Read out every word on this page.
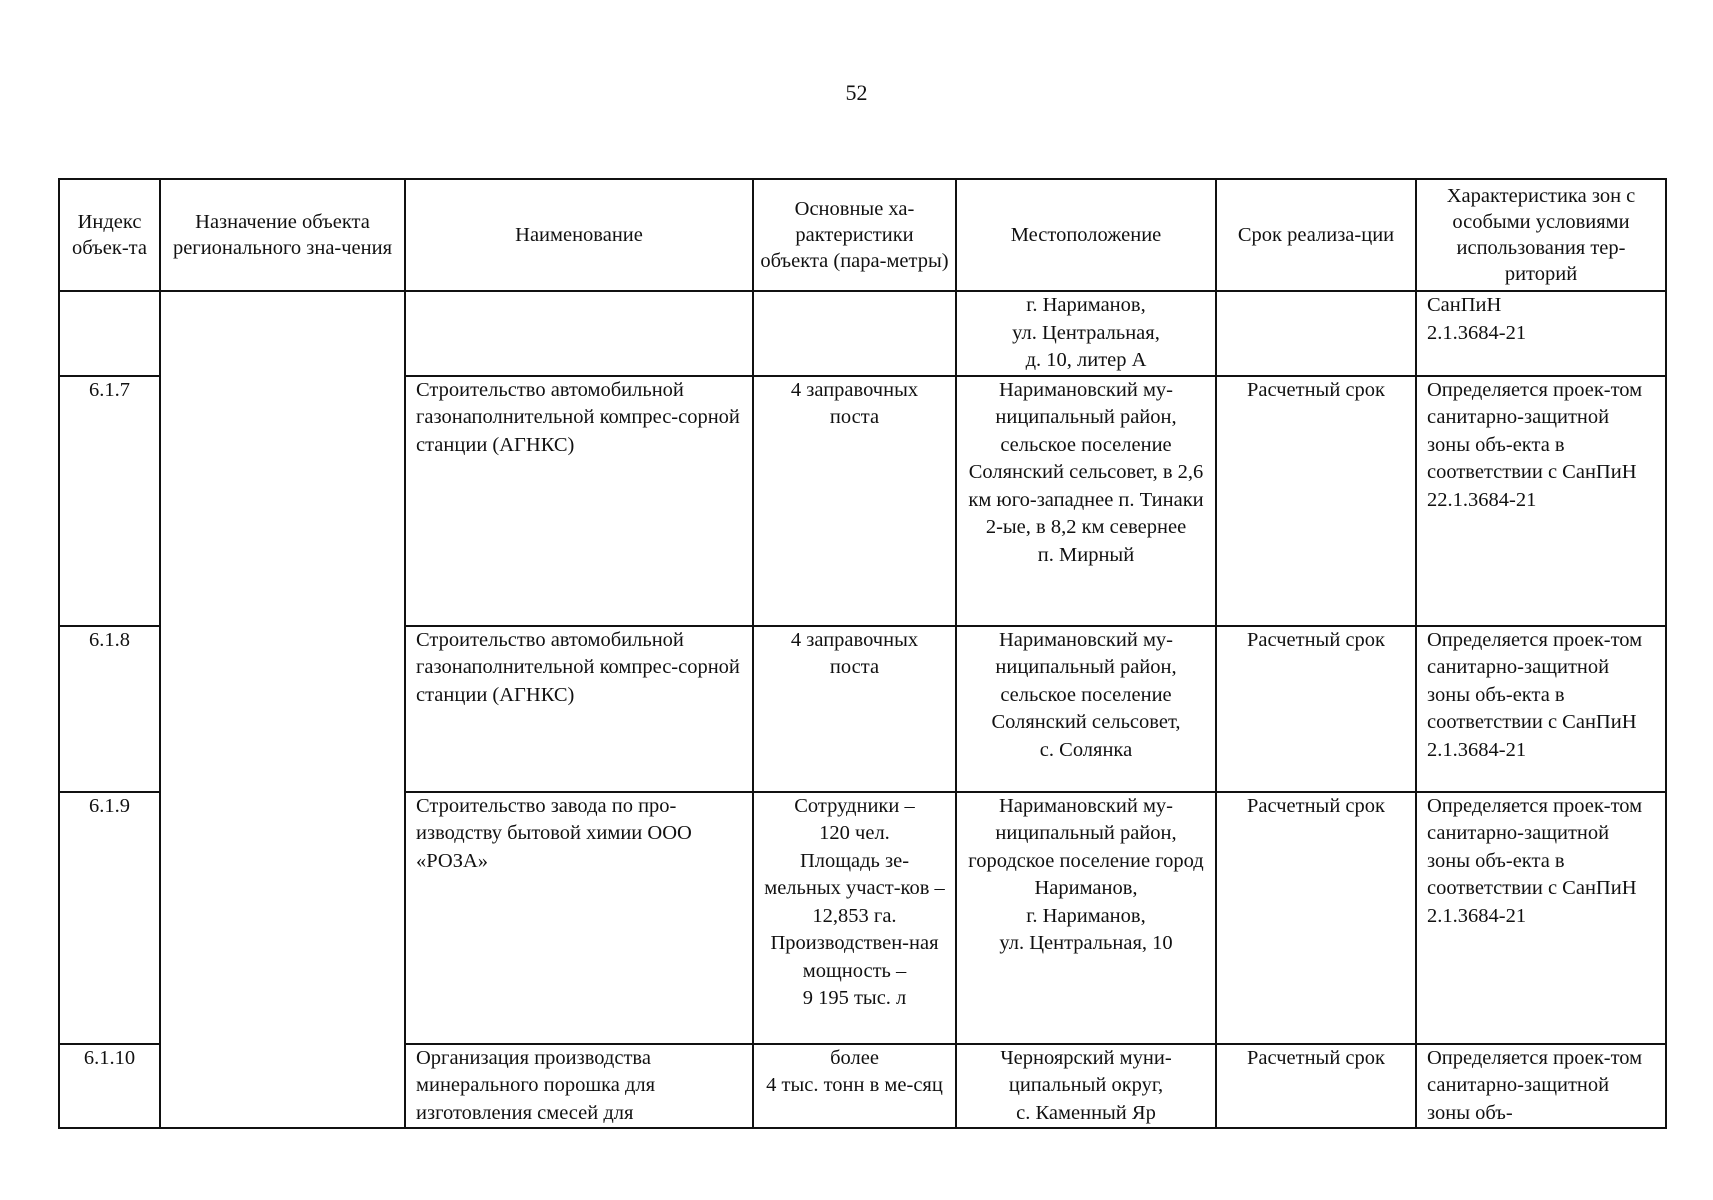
52
Индекс объек-та	Назначение объекта регионального зна-чения	Наименование	Основные ха-рактеристики объекта (пара-метры)	Местоположение	Срок реализа-ции	Характеристика зон с особыми условиями использования тер-риторий
				г. Нариманов,
ул. Центральная,
д. 10, литер А		СанПиН
2.1.3684-21
6.1.7		Строительство автомобильной газонаполнительной компрес-сорной станции (АГНКС)	4 заправочных поста	Наримановский му-ниципальный район, сельское поселение Солянский сельсовет, в 2,6 км юго-западнее п. Тинаки 2-ые, в 8,2 км севернее
п. Мирный	Расчетный срок	Определяется проек-том санитарно-защитной зоны объ-екта в соответствии с СанПиН
22.1.3684-21
6.1.8		Строительство автомобильной газонаполнительной компрес-сорной станции (АГНКС)	4 заправочных поста	Наримановский му-ниципальный район, сельское поселение Солянский сельсовет,
с. Солянка	Расчетный срок	Определяется проек-том санитарно-защитной зоны объ-екта в соответствии с СанПиН
2.1.3684-21
6.1.9		Строительство завода по про-изводству бытовой химии ООО «РОЗА»	Сотрудники –
120 чел.
Площадь зе-мельных участ-ков – 12,853 га. Производствен-ная мощность –
9 195 тыс. л	Наримановский му-ниципальный район, городское поселение город Нариманов,
г. Нариманов,
ул. Центральная, 10	Расчетный срок	Определяется проек-том санитарно-защитной зоны объ-екта в соответствии с СанПиН
2.1.3684-21
6.1.10		Организация производства минерального порошка для изготовления смесей для	более
4 тыс. тонн в ме-сяц	Черноярский муни-ципальный округ,
с. Каменный Яр	Расчетный срок	Определяется проек-том санитарно-защитной зоны объ-
